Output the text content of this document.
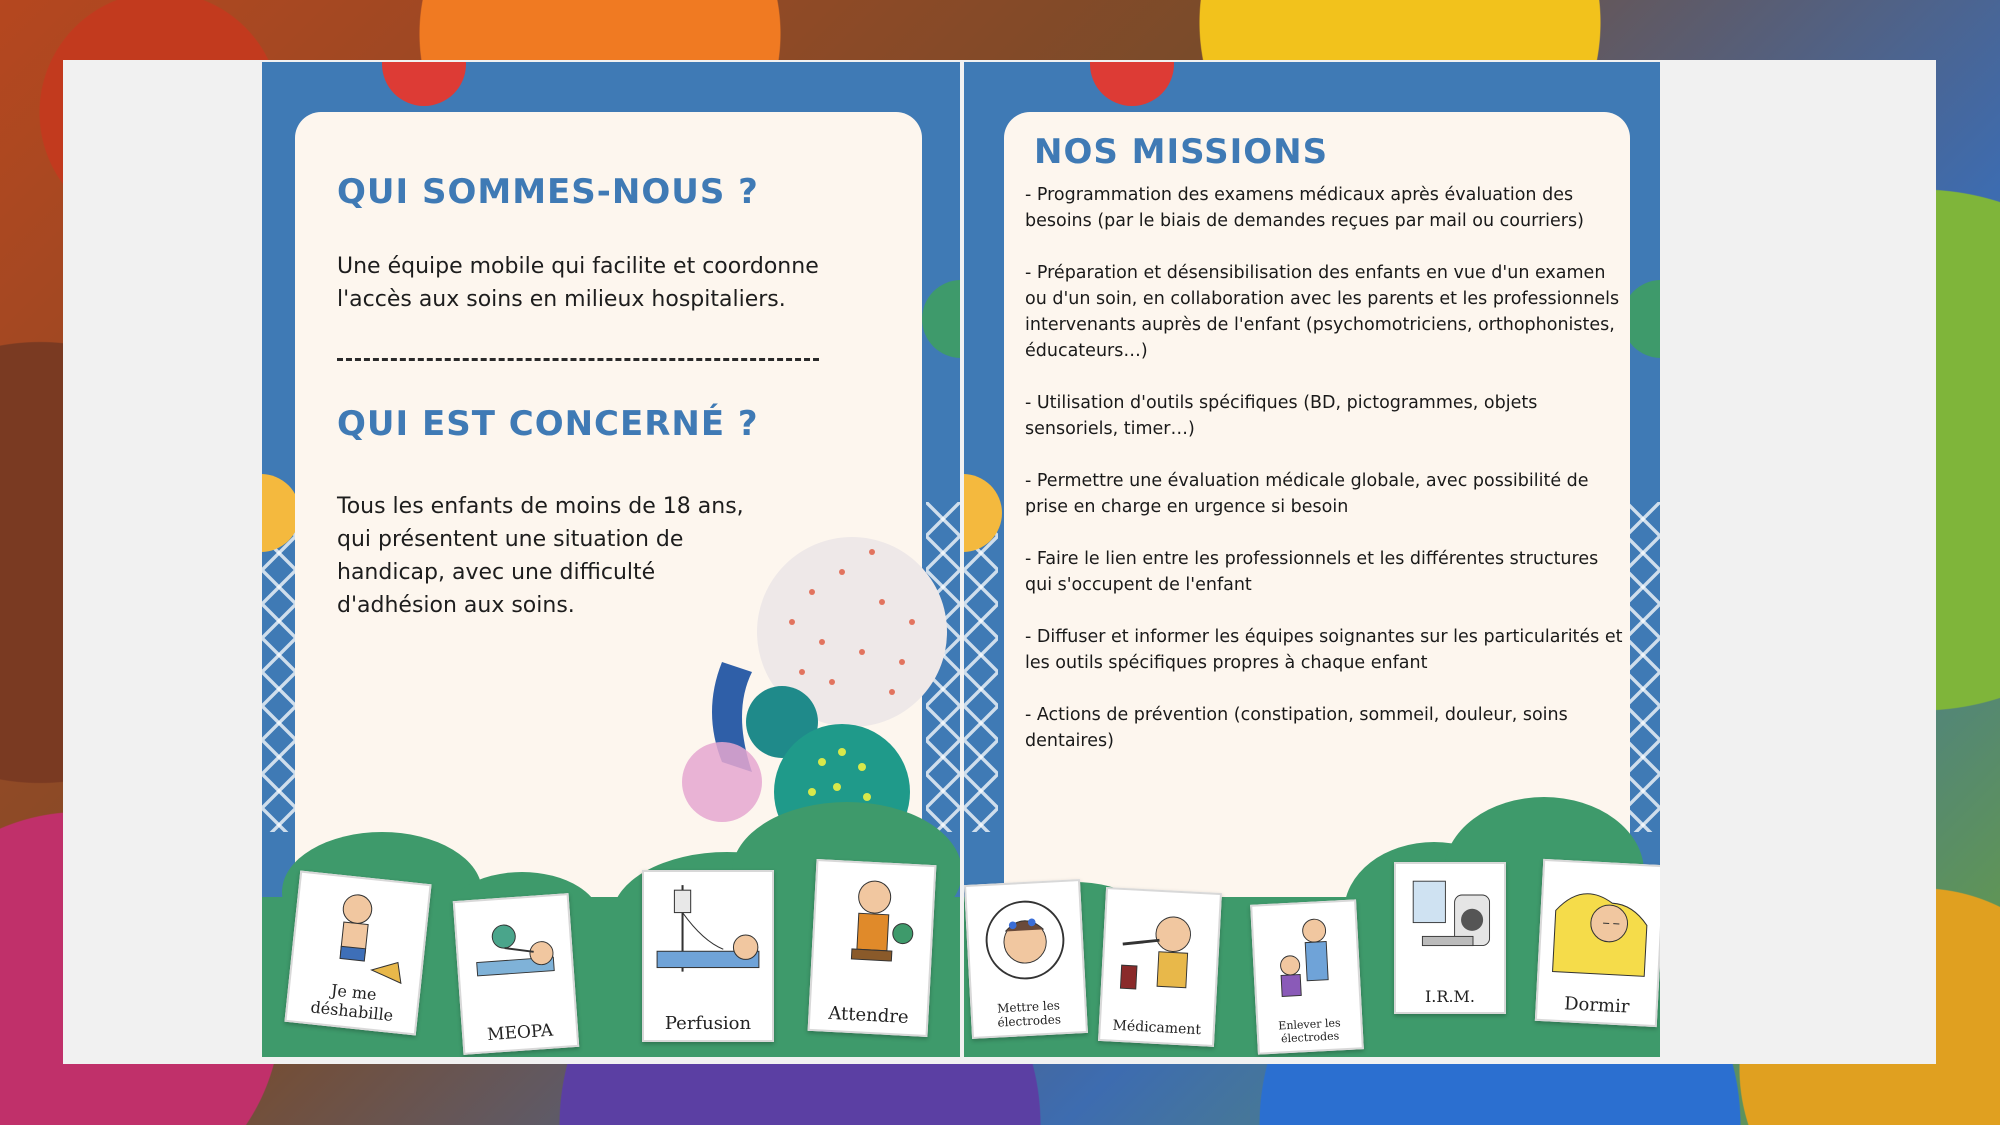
QUI SOMMES-NOUS ?
Une équipe mobile qui facilite et coordonne l'accès aux soins en milieux hospitaliers.
QUI EST CONCERNÉ ?
Tous les enfants de moins de 18 ans, qui présentent une situation de handicap, avec une difficulté d'adhésion aux soins.
Je me déshabille
MEOPA	Perfusion	Attendre
NOS MISSIONS
- Programmation des examens médicaux après évaluation des besoins (par le biais de demandes reçues par mail ou courriers)
- Préparation et désensibilisation des enfants en vue d'un examen ou d'un soin, en collaboration avec les parents et les professionnels intervenants auprès de l'enfant (psychomotriciens, orthophonistes, éducateurs…)
- Utilisation d'outils spécifiques (BD, pictogrammes, objets sensoriels, timer…)
- Permettre une évaluation médicale globale, avec possibilité de prise en charge en urgence si besoin
- Faire le lien entre les professionnels et les différentes structures qui s'occupent de l'enfant
- Diffuser et informer les équipes soignantes sur les particularités et les outils spécifiques propres à chaque enfant
- Actions de prévention (constipation, sommeil, douleur, soins dentaires)
Mettre les électrodes	Médicament	Enlever les électrodes
I.R.M.	Dormir
